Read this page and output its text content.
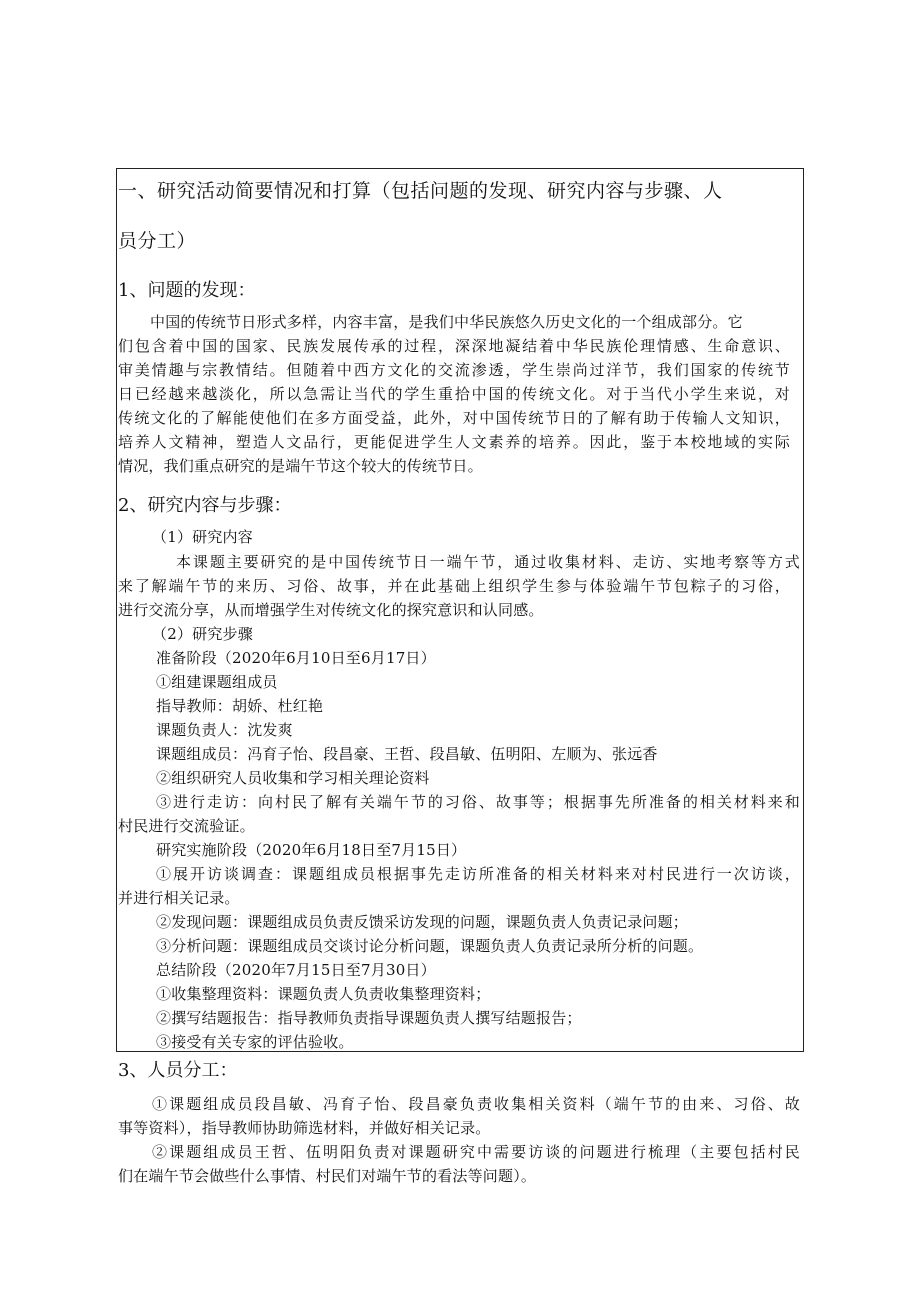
一、研究活动简要情况和打算（包括问题的发现、研究内容与步骤、人
员分工）
1、问题的发现：
中国的传统节日形式多样，内容丰富，是我们中华民族悠久历史文化的一个组成部分。它
们包含着中国的国家、民族发展传承的过程，深深地凝结着中华民族伦理情感、生命意识、
审美情趣与宗教情结。但随着中西方文化的交流渗透，学生崇尚过洋节，我们国家的传统节
日已经越来越淡化，所以急需让当代的学生重拾中国的传统文化。对于当代小学生来说，对
传统文化的了解能使他们在多方面受益，此外，对中国传统节日的了解有助于传输人文知识，
培养人文精神，塑造人文品行，更能促进学生人文素养的培养。因此，鉴于本校地域的实际
情况，我们重点研究的是端午节这个较大的传统节日。
2、研究内容与步骤：
（1）研究内容
本课题主要研究的是中国传统节日一端午节，通过收集材料、走访、实地考察等方式
来了解端午节的来历、习俗、故事，并在此基础上组织学生参与体验端午节包粽子的习俗，
进行交流分享，从而增强学生对传统文化的探究意识和认同感。
（2）研究步骤
准备阶段（2020年6月10日至6月17日）
①组建课题组成员
指导教师：胡娇、杜红艳
课题负责人：沈发爽
课题组成员：冯育子怡、段昌豪、王哲、段昌敏、伍明阳、左顺为、张远香
②组织研究人员收集和学习相关理论资料
③进行走访：向村民了解有关端午节的习俗、故事等；根据事先所准备的相关材料来和
村民进行交流验证。
研究实施阶段（2020年6月18日至7月15日）
①展开访谈调查：课题组成员根据事先走访所准备的相关材料来对村民进行一次访谈，
并进行相关记录。
②发现问题：课题组成员负责反馈采访发现的问题，课题负责人负责记录问题；
③分析问题：课题组成员交谈讨论分析问题，课题负责人负责记录所分析的问题。
总结阶段（2020年7月15日至7月30日）
①收集整理资料：课题负责人负责收集整理资料；
②撰写结题报告：指导教师负责指导课题负责人撰写结题报告；
③接受有关专家的评估验收。
3、人员分工：
①课题组成员段昌敏、冯育子怡、段昌豪负责收集相关资料（端午节的由来、习俗、故
事等资料），指导教师协助筛选材料，并做好相关记录。
②课题组成员王哲、伍明阳负责对课题研究中需要访谈的问题进行梳理（主要包括村民
们在端午节会做些什么事情、村民们对端午节的看法等问题）。
